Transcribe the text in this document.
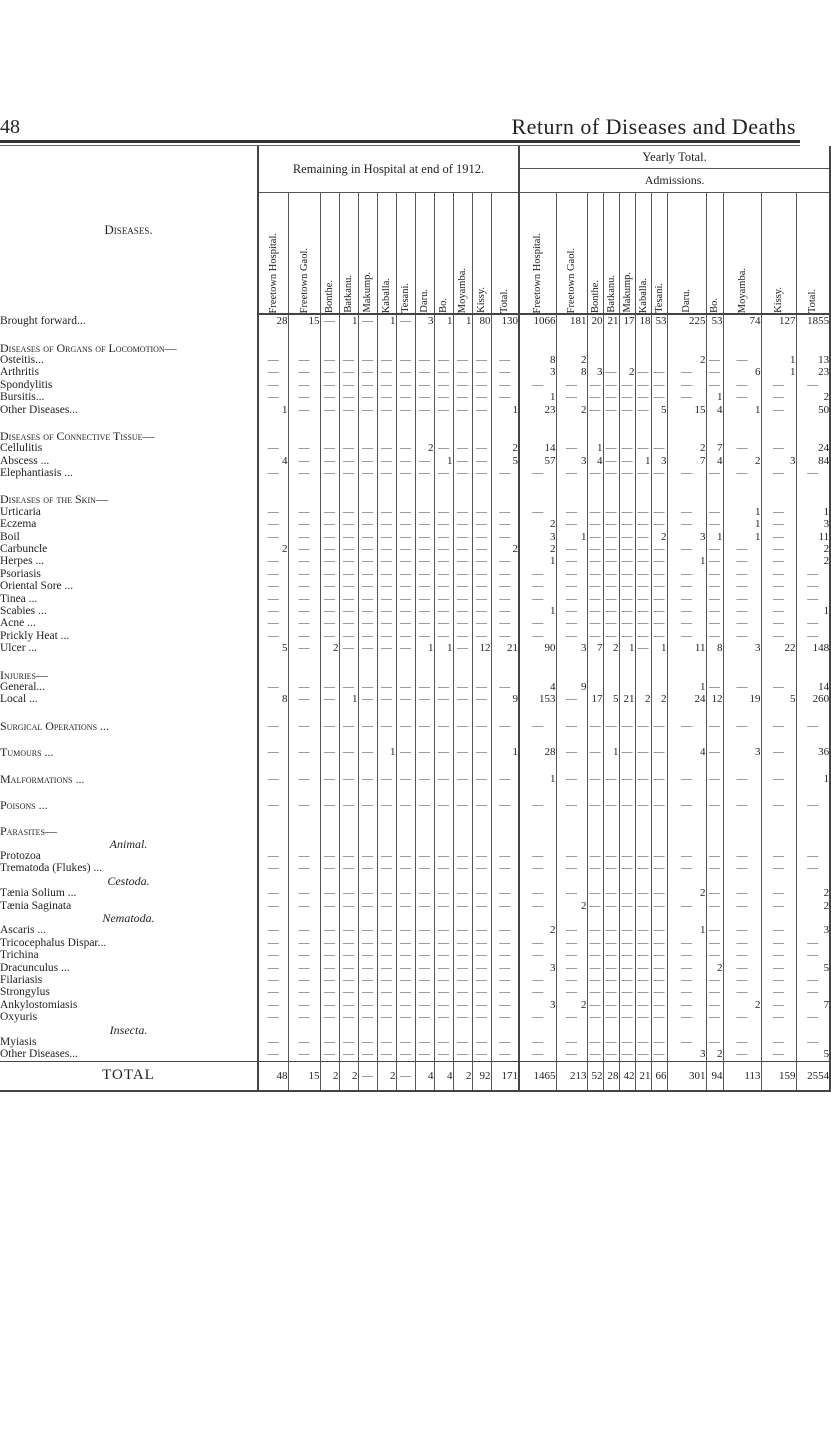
48	Return of Diseases and Deaths
Diseases.	Remaining in Hospital at end of 1912.												Yearly Total.											
													Admissions.											

	Freetown Hospital.	Freetown Gaol.	Bonthe.	Batkanu.	Makump.	Kaballa.	Tesani.	Daru.	Bo.	Moyamba.	Kissy.	Total.	Freetown Hospital.	Freetown Gaol.	Bonthe.	Batkanu.	Makump.	Kaballa.	Tesani.	Daru.	Bo.	Moyamba.	Kissy.	Total.

Brought forward...	28	15	—	1	—	1	—	3	1	1	80	130	1066	181	20	21	17	18	53	225	53	74	127	1855

Diseases of Organs of Locomotion—																								
Osteitis...	—	—	—	—	—	—	—	—	—	—	—	—	8	2						2	—	—	1	13
Arthritis	—	—	—	—	—	—	—	—	—	—	—	—	3	8	3	—	2	—	—	—	—	6	1	23
Spondylitis	—	—	—	—	—	—	—	—	—	—	—	—	—	—	—	—	—	—	—	—	—	—	—	—
Bursitis...	—	—	—	—	—	—	—	—	—	—	—	—	1	—	—	—	—	—	—	—	1	—	—	2
Other Diseases...	1	—	—	—	—	—	—	—	—	—	—	1	23	2	—	—	—	—	5	15	4	1	—	50

Diseases of Connective Tissue—																								
Cellulitis	—	—	—	—	—	—	—	2	—	—	—	2	14	—	1	—	—	—	—	2	7	—	—	24
Abscess ...	4	—	—	—	—	—	—	—	1	—	—	5	57	3	4	—	—	1	3	7	4	2	3	84
Elephantiasis ...	—	—	—	—	—	—	—	—	—	—	—	—	—	—	—	—	—	—	—	—	—	—	—	—

Diseases of the Skin—																								
Urticaria	—	—	—	—	—	—	—	—	—	—	—	—	—	—	—	—	—	—	—	—	—	1	—	1
Eczema	—	—	—	—	—	—	—	—	—	—	—	—	2	—	—	—	—	—	—	—	—	1	—	3
Boil	—	—	—	—	—	—	—	—	—	—	—	—	3	1	—	—	—	—	2	3	1	1	—	11
Carbuncle	2	—	—	—	—	—	—	—	—	—	—	2	2	—	—	—	—	—	—	—	—	—	—	2
Herpes ...	—	—	—	—	—	—	—	—	—	—	—	—	1	—	—	—	—	—	—	1	—	—	—	2
Psoriasis	—	—	—	—	—	—	—	—	—	—	—	—	—	—	—	—	—	—	—	—	—	—	—	—
Oriental Sore ...	—	—	—	—	—	—	—	—	—	—	—	—	—	—	—	—	—	—	—	—	—	—	—	—
Tinea ...	—	—	—	—	—	—	—	—	—	—	—	—	—	—	—	—	—	—	—	—	—	—	—	—
Scabies ...	—	—	—	—	—	—	—	—	—	—	—	—	1	—	—	—	—	—	—	—	—	—	—	1
Acne ...	—	—	—	—	—	—	—	—	—	—	—	—	—	—	—	—	—	—	—	—	—	—	—	—
Prickly Heat ...	—	—	—	—	—	—	—	—	—	—	—	—	—	—	—	—	—	—	—	—	—	—	—	—
Ulcer ...	5	—	2	—	—	—	—	1	1	—	12	21	90	3	7	2	1	—	1	11	8	3	22	148

Injuries—																								
General...	—	—	—	—	—	—	—	—	—	—	—	—	4	9						1	—	—	—	14
Local ...	8	—	—	1	—	—	—	—	—	—	—	9	153	—	17	5	21	2	2	24	12	19	5	260

Surgical Operations ...	—	—	—	—	—	—	—	—	—	—	—	—	—	—	—	—	—	—	—	—	—	—	—	—

Tumours ...	—	—	—	—	—	1	—	—	—	—	—	1	28	—	—	1	—	—	—	4	—	3	—	36

Malformations ...	—	—	—	—	—	—	—	—	—	—	—	—	1	—	—	—	—	—	—	—	—	—	—	1

Poisons ...	—	—	—	—	—	—	—	—	—	—	—	—	—	—	—	—	—	—	—	—	—	—	—	—

Parasites—																								
Animal.																								
Protozoa	—	—	—	—	—	—	—	—	—	—	—	—	—	—	—	—	—	—	—	—	—	—	—	—
Trematoda (Flukes) ...	—	—	—	—	—	—	—	—	—	—	—	—	—	—	—	—	—	—	—	—	—	—	—	—
Cestoda.																								
Tænia Solium ...	—	—	—	—	—	—	—	—	—	—	—	—	—	—	—	—	—	—	—	2	—	—	—	2
Tænia Saginata	—	—	—	—	—	—	—	—	—	—	—	—	—	2	—	—	—	—	—	—	—	—	—	2
Nematoda.																								
Ascaris ...	—	—	—	—	—	—	—	—	—	—	—	—	2	—	—	—	—	—	—	1	—	—	—	3
Tricocephalus Dispar...	—	—	—	—	—	—	—	—	—	—	—	—	—	—	—	—	—	—	—	—	—	—	—	—
Trichina	—	—	—	—	—	—	—	—	—	—	—	—	—	—	—	—	—	—	—	—	—	—	—	—
Dracunculus ...	—	—	—	—	—	—	—	—	—	—	—	—	3	—	—	—	—	—	—	—	2	—	—	5
Filariasis	—	—	—	—	—	—	—	—	—	—	—	—	—	—	—	—	—	—	—	—	—	—	—	—
Strongylus	—	—	—	—	—	—	—	—	—	—	—	—	—	—	—	—	—	—	—	—	—	—	—	—
Ankylostomiasis	—	—	—	—	—	—	—	—	—	—	—	—	3	2	—	—	—	—	—	—	—	2	—	7
Oxyuris	—	—	—	—	—	—	—	—	—	—	—	—	—	—	—	—	—	—	—	—	—	—	—	—
Insecta.																								
Myiasis	—	—	—	—	—	—	—	—	—	—	—	—	—	—	—	—	—	—	—	—	—	—	—	—
Other Diseases...	—	—	—	—	—	—	—	—	—	—	—	—	—	—	—	—	—	—	—	3	2	—	—	5
TOTAL	48	15	2	2	—	2	—	4	4	2	92	171	1465	213	52	28	42	21	66	301	94	113	159	2554
